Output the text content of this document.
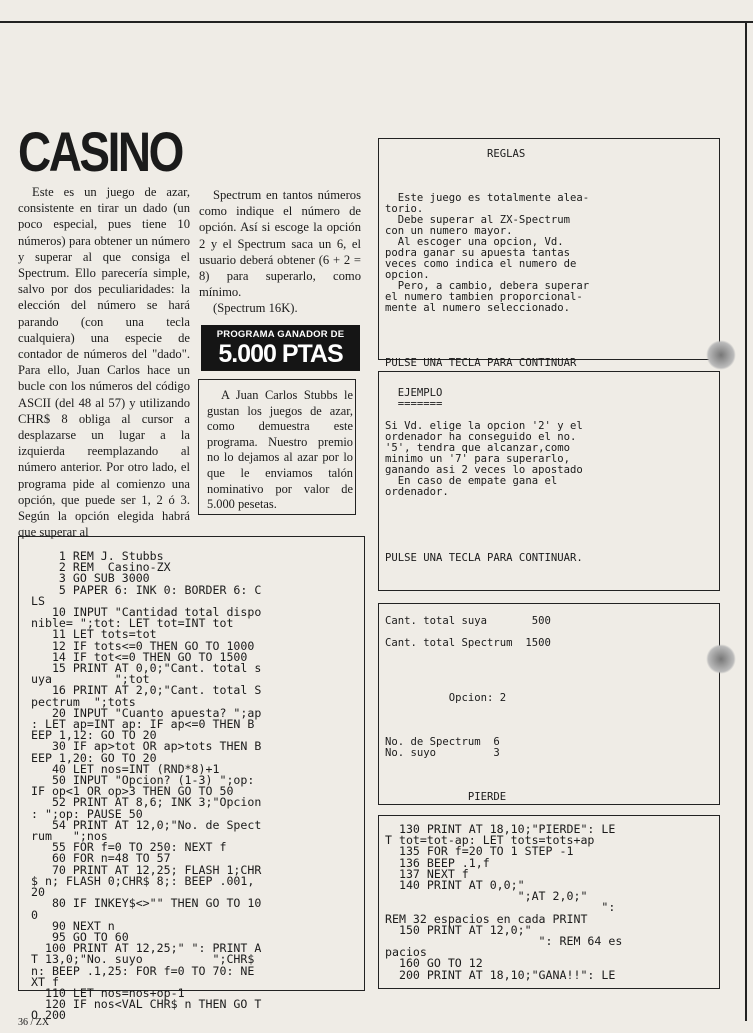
CASINO

Este es un juego de azar, consistente en tirar un dado (un poco especial, pues tiene 10 números) para obtener un número y superar al que consiga el Spectrum. Ello parecería simple, salvo por dos peculiaridades: la elección del número se hará parando (con una tecla cualquiera) una especie de contador de números del "dado". Para ello, Juan Carlos hace un bucle con los números del código ASCII (del 48 al 57) y utilizando CHR$ 8 obliga al cursor a desplazarse un lugar a la izquierda reemplazando al número anterior. Por otro lado, el programa pide al comienzo una opción, que puede ser 1, 2 ó 3. Según la opción elegida habrá que superar al

Spectrum en tantos números como indique el número de opción. Así si escoge la opción 2 y el Spectrum saca un 6, el usuario deberá obtener (6 + 2 = 8) para superarlo, como mínimo.

(Spectrum 16K).

PROGRAMA GANADOR DE
5.000 PTAS

A Juan Carlos Stubbs le gustan los juegos de azar, como demuestra este programa. Nuestro premio no lo dejamos al azar por lo que le enviamos talón nominativo por valor de 5.000 pesetas.

1 REM J. Stubbs
2 REM  Casino-ZX
3 GO SUB 3000
5 PAPER 6: INK 0: BORDER 6: C
LS
10 INPUT "Cantidad total dispo
nible= ";tot: LET tot=INT tot
11 LET tots=tot
12 IF tots<=0 THEN GO TO 1000
14 IF tot<=0 THEN GO TO 1500
15 PRINT AT 0,0;"Cant. total s
uya         ";tot
16 PRINT AT 2,0;"Cant. total S
pectrum  ";tots
20 INPUT "Cuanto apuesta? ";ap
: LET ap=INT ap: IF ap<=0 THEN B
EEP 1,12: GO TO 20
30 IF ap>tot OR ap>tots THEN B
EEP 1,20: GO TO 20
40 LET nos=INT (RND*8)+1
50 INPUT "Opcion? (1-3) ";op:
IF op<1 OR op>3 THEN GO TO 50
52 PRINT AT 8,6; INK 3;"Opcion
: ";op: PAUSE 50
54 PRINT AT 12,0;"No. de Spect
rum   ";nos
55 FOR f=0 TO 250: NEXT f
60 FOR n=48 TO 57
70 PRINT AT 12,25; FLASH 1;CHR
$ n; FLASH 0;CHR$ 8;: BEEP .001,
20
80 IF INKEY$<>"" THEN GO TO 10
0
90 NEXT n
95 GO TO 60
100 PRINT AT 12,25;" ": PRINT A
T 13,0;"No. suyo          ";CHR$
n: BEEP .1,25: FOR f=0 TO 70: NE
XT f
110 LET nos=nos+op-1
120 IF nos<VAL CHR$ n THEN GO T
O 200
REGLAS

Este juego es totalmente alea-
torio.
Debe superar al ZX-Spectrum
con un numero mayor.
Al escoger una opcion, Vd.
podra ganar su apuesta tantas
veces como indica el numero de
opcion.
Pero, a cambio, debera superar
el numero tambien proporcional-
mente al numero seleccionado.

PULSE UNA TECLA PARA CONTINUAR
EJEMPLO
=======

Si Vd. elige la opcion '2' y el
ordenador ha conseguido el no.
'5', tendra que alcanzar,como
minimo un '7' para superarlo,
ganando asi 2 veces lo apostado
En caso de empate gana el
ordenador.

PULSE UNA TECLA PARA CONTINUAR.
Cant. total suya       500

Cant. total Spectrum  1500

Opcion: 2

No. de Spectrum  6
No. suyo         3

PIERDE
130 PRINT AT 18,10;"PIERDE": LE
T tot=tot-ap: LET tots=tots+ap
135 FOR f=20 TO 1 STEP -1
136 BEEP .1,f
137 NEXT f
140 PRINT AT 0,0;"
";AT 2,0;"
":
REM 32 espacios en cada PRINT
150 PRINT AT 12,0;"
": REM 64 es
pacios
160 GO TO 12
200 PRINT AT 18,10;"GANA!!": LE
36 / ZX
